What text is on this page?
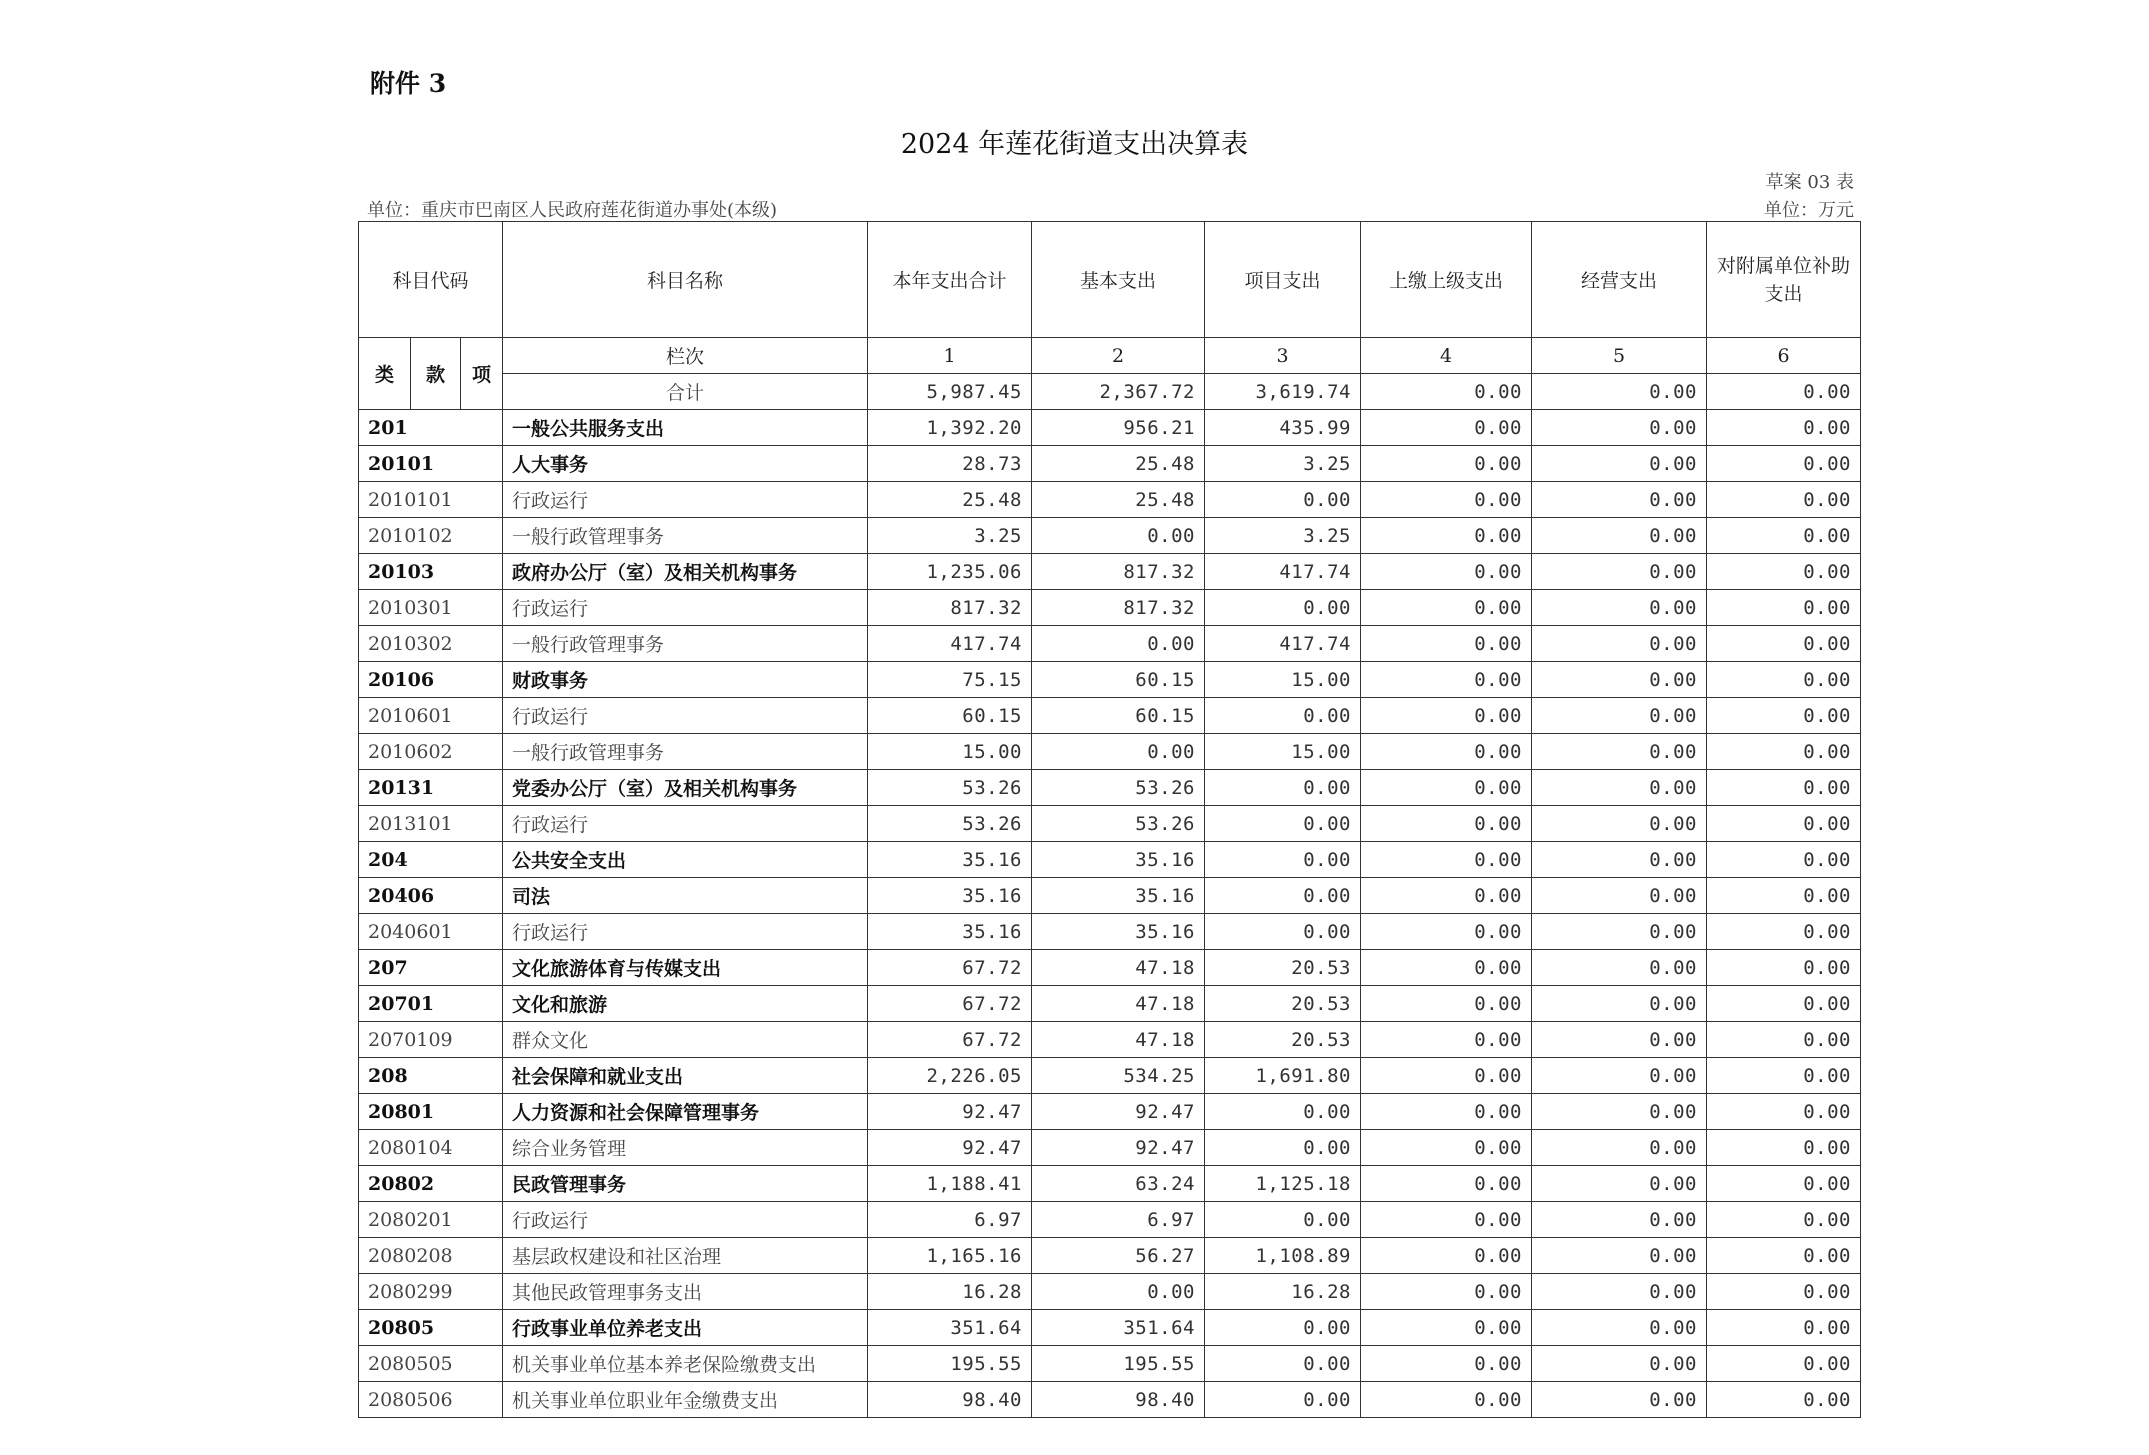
附件 3
2024 年莲花街道支出决算表
草案 03 表
单位：重庆市巴南区人民政府莲花街道办事处(本级)	单位：万元
科目代码			科目名称	本年支出合计	基本支出	项目支出	上缴上级支出	经营支出	对附属单位补助支出
类	款	项	栏次	1	2	3	4	5	6
			合计	5,987.45	2,367.72	3,619.74	0.00	0.00	0.00
201			一般公共服务支出	1,392.20	956.21	435.99	0.00	0.00	0.00
20101			人大事务	28.73	25.48	3.25	0.00	0.00	0.00
2010101			行政运行	25.48	25.48	0.00	0.00	0.00	0.00
2010102			一般行政管理事务	3.25	0.00	3.25	0.00	0.00	0.00
20103			政府办公厅（室）及相关机构事务	1,235.06	817.32	417.74	0.00	0.00	0.00
2010301			行政运行	817.32	817.32	0.00	0.00	0.00	0.00
2010302			一般行政管理事务	417.74	0.00	417.74	0.00	0.00	0.00
20106			财政事务	75.15	60.15	15.00	0.00	0.00	0.00
2010601			行政运行	60.15	60.15	0.00	0.00	0.00	0.00
2010602			一般行政管理事务	15.00	0.00	15.00	0.00	0.00	0.00
20131			党委办公厅（室）及相关机构事务	53.26	53.26	0.00	0.00	0.00	0.00
2013101			行政运行	53.26	53.26	0.00	0.00	0.00	0.00
204			公共安全支出	35.16	35.16	0.00	0.00	0.00	0.00
20406			司法	35.16	35.16	0.00	0.00	0.00	0.00
2040601			行政运行	35.16	35.16	0.00	0.00	0.00	0.00
207			文化旅游体育与传媒支出	67.72	47.18	20.53	0.00	0.00	0.00
20701			文化和旅游	67.72	47.18	20.53	0.00	0.00	0.00
2070109			群众文化	67.72	47.18	20.53	0.00	0.00	0.00
208			社会保障和就业支出	2,226.05	534.25	1,691.80	0.00	0.00	0.00
20801			人力资源和社会保障管理事务	92.47	92.47	0.00	0.00	0.00	0.00
2080104			综合业务管理	92.47	92.47	0.00	0.00	0.00	0.00
20802			民政管理事务	1,188.41	63.24	1,125.18	0.00	0.00	0.00
2080201			行政运行	6.97	6.97	0.00	0.00	0.00	0.00
2080208			基层政权建设和社区治理	1,165.16	56.27	1,108.89	0.00	0.00	0.00
2080299			其他民政管理事务支出	16.28	0.00	16.28	0.00	0.00	0.00
20805			行政事业单位养老支出	351.64	351.64	0.00	0.00	0.00	0.00
2080505			机关事业单位基本养老保险缴费支出	195.55	195.55	0.00	0.00	0.00	0.00
2080506			机关事业单位职业年金缴费支出	98.40	98.40	0.00	0.00	0.00	0.00
